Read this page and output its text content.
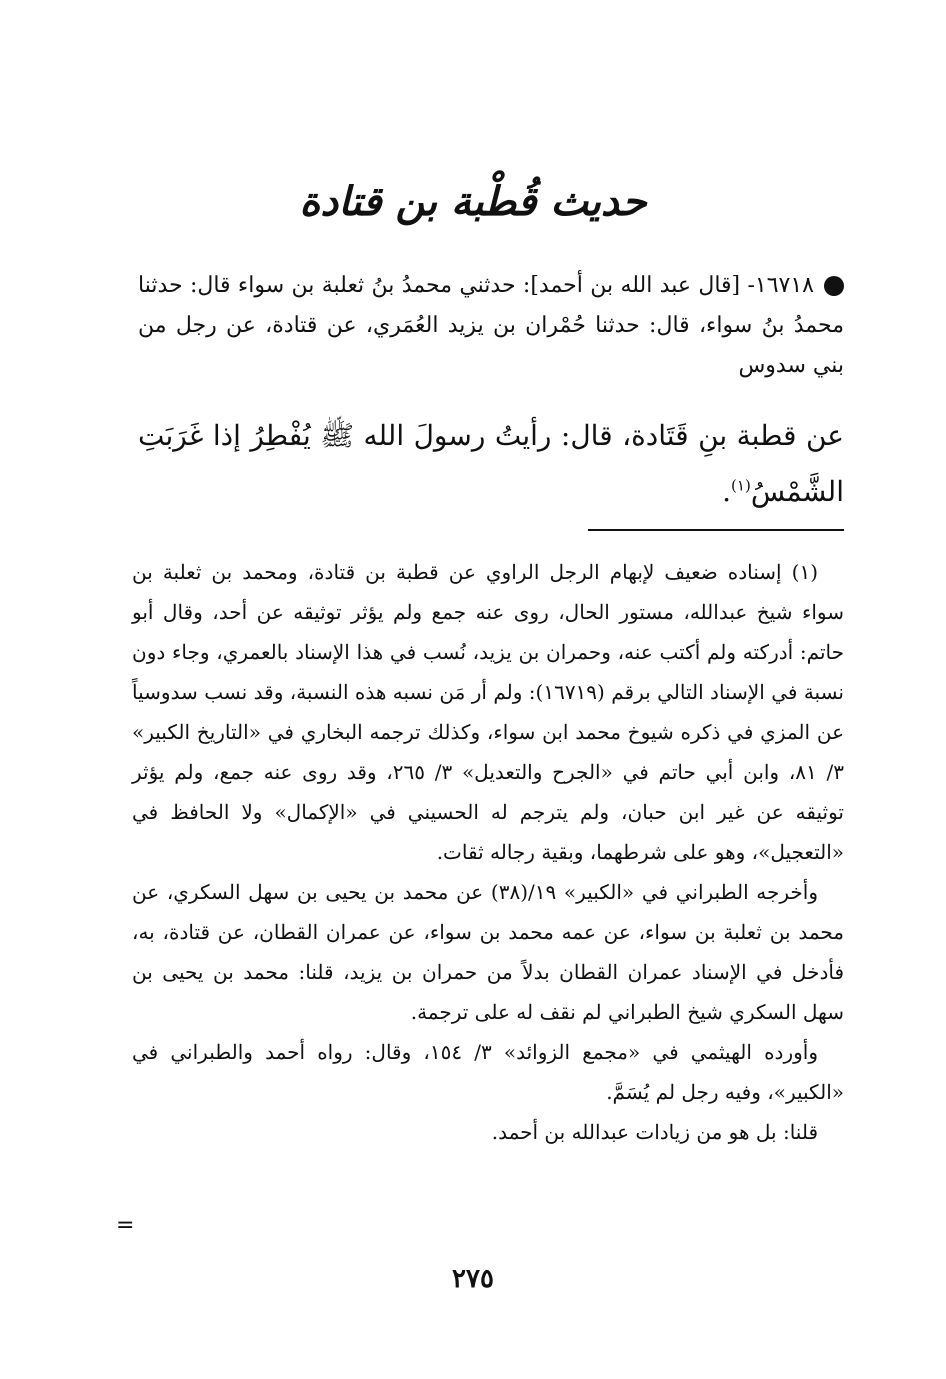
حديث قُطْبة بن قتادة
١٦٧١٨- [قال عبد الله بن أحمد]: حدثني محمدُ بنُ ثعلبة بن سواء قال: حدثنا محمدُ بنُ سواء، قال: حدثنا حُمْران بن يزيد العُمَري، عن قتادة، عن رجل من بني سدوس
عن قطبة بنِ قَتَادة، قال: رأيتُ رسولَ الله ﷺ يُفْطِرُ إذا غَرَبَتِ الشَّمْسُ$^{(١)}$.

(١) إسناده ضعيف لإبهام الرجل الراوي عن قطبة بن قتادة، ومحمد بن ثعلبة بن سواء شيخ عبدالله، مستور الحال، روى عنه جمع ولم يؤثر توثيقه عن أحد، وقال أبو حاتم: أدركته ولم أكتب عنه، وحمران بن يزيد، نُسب في هذا الإسناد بالعمري، وجاء دون نسبة في الإسناد التالي برقم (١٦٧١٩): ولم أر مَن نسبه هذه النسبة، وقد نسب سدوسياً عن المزي في ذكره شيوخ محمد ابن سواء، وكذلك ترجمه البخاري في «التاريخ الكبير» ٣/ ٨١، وابن أبي حاتم في «الجرح والتعديل» ٣/ ٢٦٥، وقد روى عنه جمع، ولم يؤثر توثيقه عن غير ابن حبان، ولم يترجم له الحسيني في «الإكمال» ولا الحافظ في «التعجيل»، وهو على شرطهما، وبقية رجاله ثقات.

وأخرجه الطبراني في «الكبير» ١٩/(٣٨) عن محمد بن يحيى بن سهل السكري، عن محمد بن ثعلبة بن سواء، عن عمه محمد بن سواء، عن عمران القطان، عن قتادة، به، فأدخل في الإسناد عمران القطان بدلاً من حمران بن يزيد، قلنا: محمد بن يحيى بن سهل السكري شيخ الطبراني لم نقف له على ترجمة.

وأورده الهيثمي في «مجمع الزوائد» ٣/ ١٥٤، وقال: رواه أحمد والطبراني في «الكبير»، وفيه رجل لم يُسَمَّ.

قلنا: بل هو من زيادات عبدالله بن أحمد.

=
٢٧٥
